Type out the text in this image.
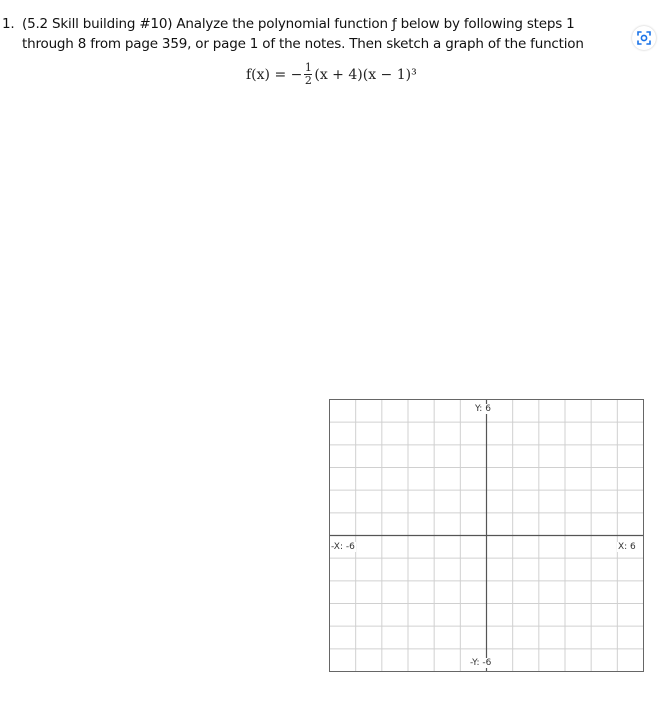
1. (5.2 Skill building #10) Analyze the polynomial function ƒ below by following steps 1
through 8 from page 359, or page 1 of the notes. Then sketch a graph of the function
f(x) = − $\frac{1}{2} (x + 4)(x - 1)^3$
Y: 6
-Y: -6
-X: -6	X: 6
